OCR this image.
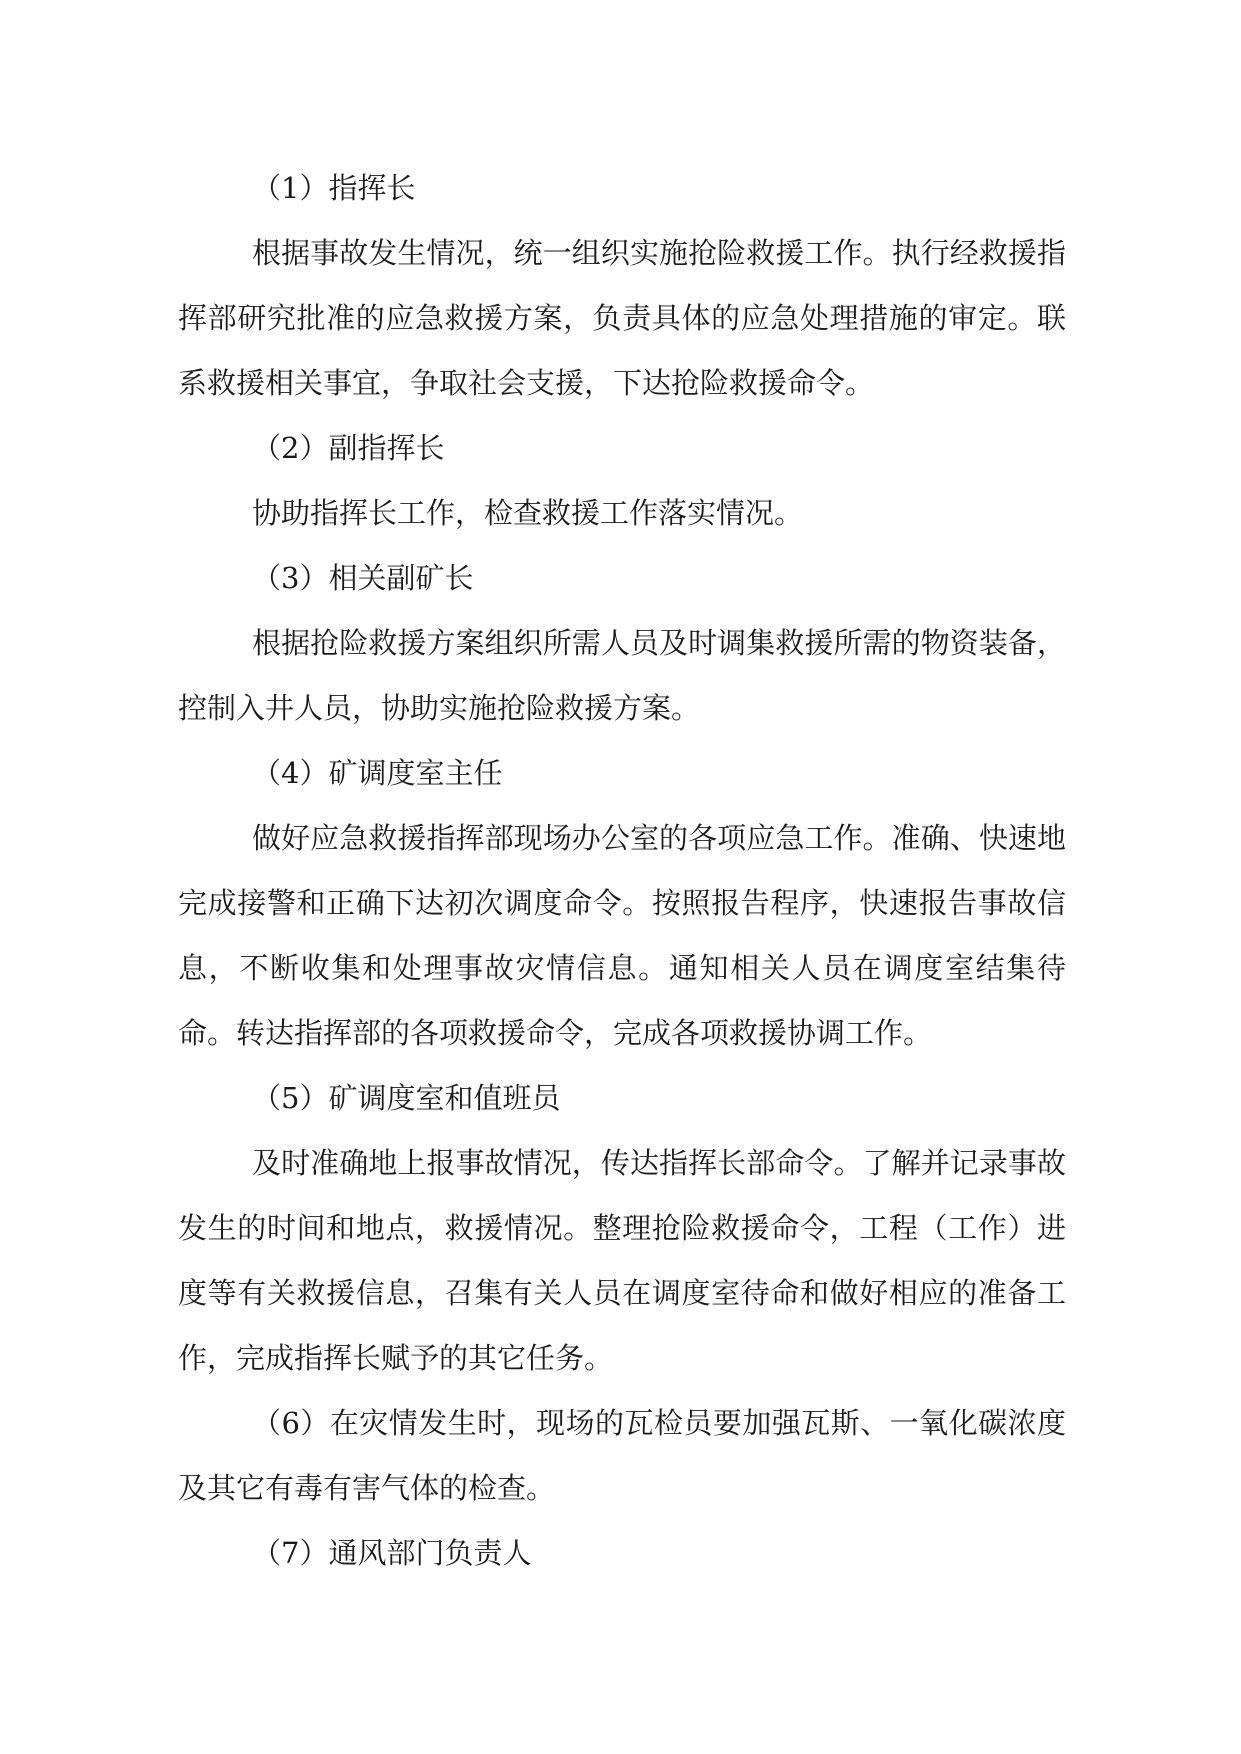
（1）指挥长

根据事故发生情况，统一组织实施抢险救援工作。执行经救援指挥部研究批准的应急救援方案，负责具体的应急处理措施的审定。联系救援相关事宜，争取社会支援，下达抢险救援命令。

（2）副指挥长

协助指挥长工作，检查救援工作落实情况。

（3）相关副矿长

根据抢险救援方案组织所需人员及时调集救援所需的物资装备，控制入井人员，协助实施抢险救援方案。

（4）矿调度室主任

做好应急救援指挥部现场办公室的各项应急工作。准确、快速地完成接警和正确下达初次调度命令。按照报告程序，快速报告事故信息，不断收集和处理事故灾情信息。通知相关人员在调度室结集待命。转达指挥部的各项救援命令，完成各项救援协调工作。

（5）矿调度室和值班员

及时准确地上报事故情况，传达指挥长部命令。了解并记录事故发生的时间和地点，救援情况。整理抢险救援命令，工程（工作）进度等有关救援信息，召集有关人员在调度室待命和做好相应的准备工作，完成指挥长赋予的其它任务。

（6）在灾情发生时，现场的瓦检员要加强瓦斯、一氧化碳浓度及其它有毒有害气体的检查。

（7）通风部门负责人
